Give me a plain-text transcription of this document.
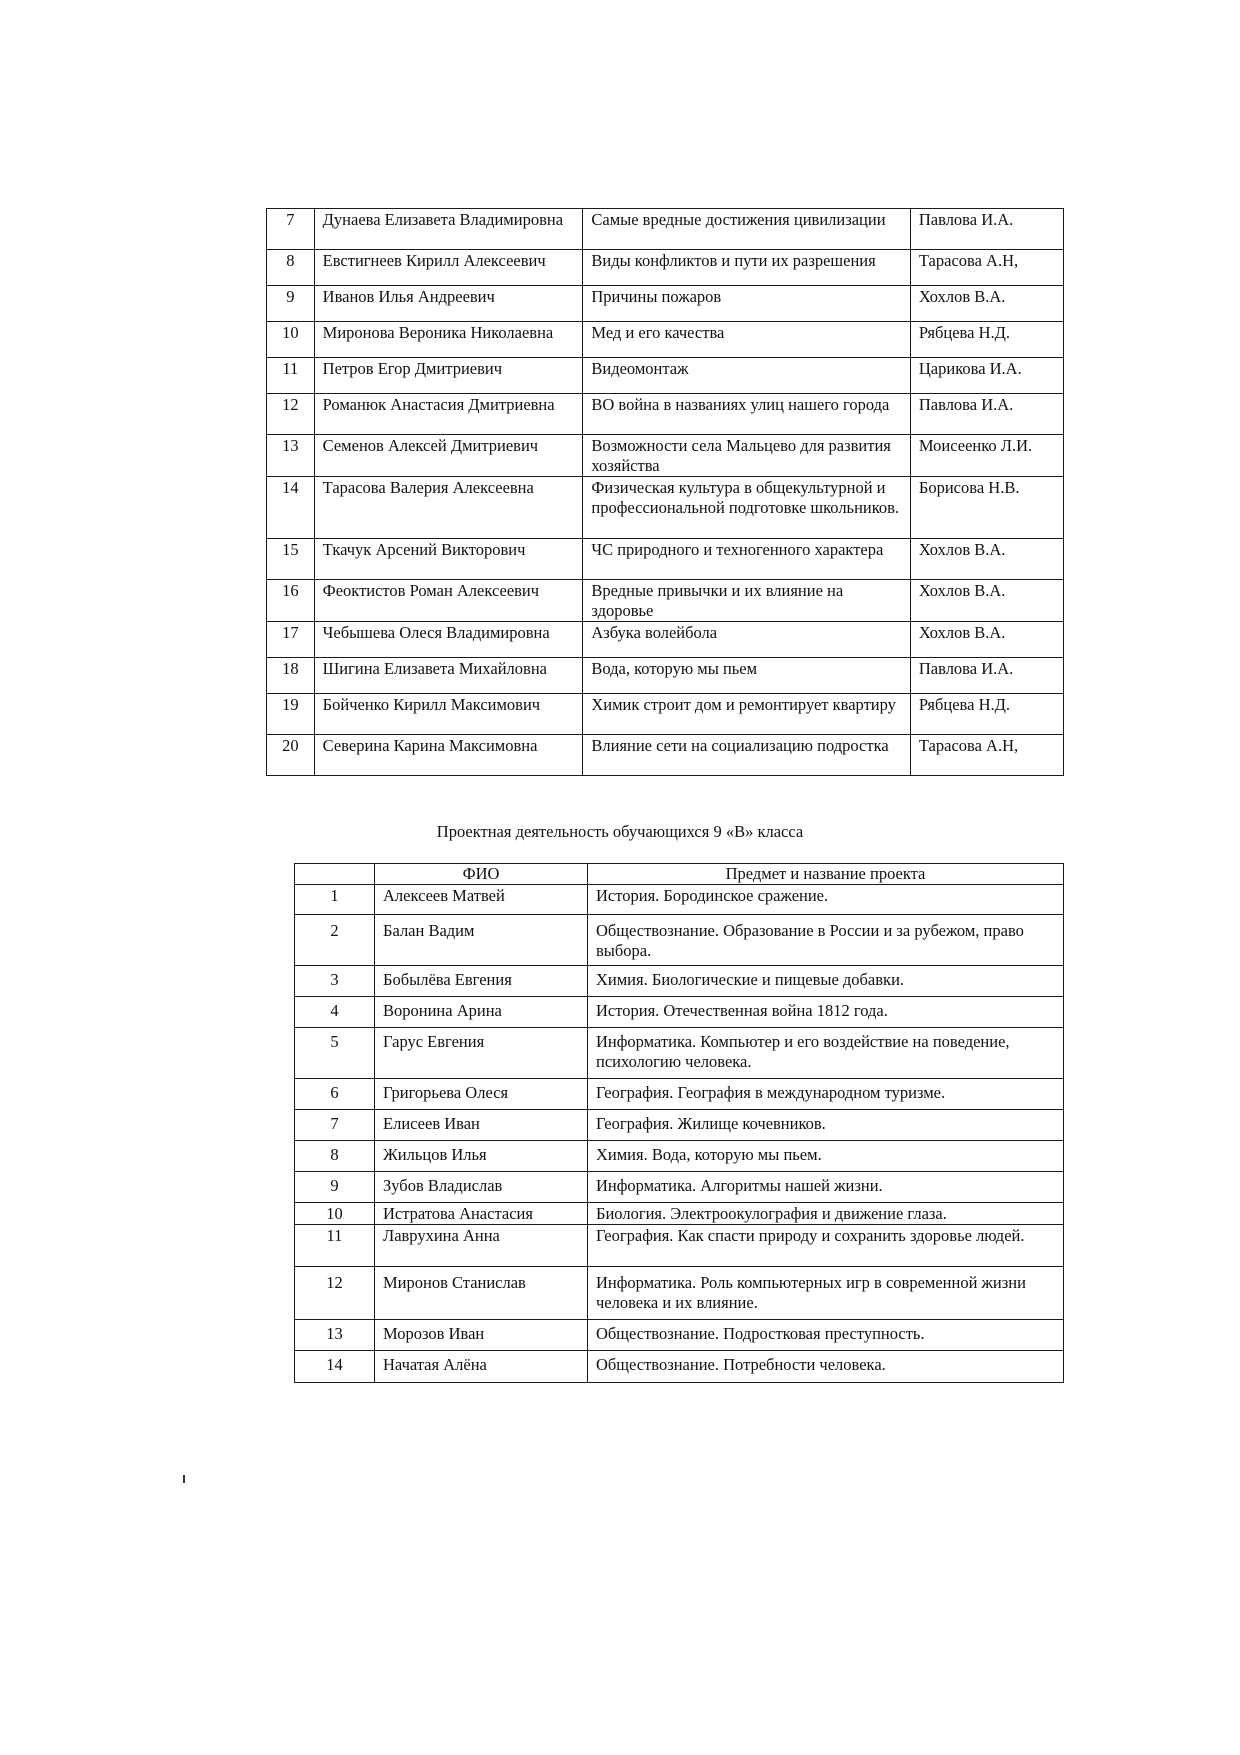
7	Дунаева Елизавета Владимировна	Самые вредные достижения цивилизации	Павлова И.А.
8	Евстигнеев Кирилл Алексеевич	Виды конфликтов и пути их разрешения	Тарасова А.Н,
9	Иванов Илья Андреевич	Причины пожаров	Хохлов В.А.
10	Миронова Вероника Николаевна	Мед и его качества	Рябцева Н.Д.
11	Петров Егор Дмитриевич	Видеомонтаж	Царикова И.А.
12	Романюк Анастасия Дмитриевна	ВО война в названиях улиц нашего города	Павлова И.А.
13	Семенов Алексей Дмитриевич	Возможности села Мальцево для развития хозяйства	Моисеенко Л.И.
14	Тарасова Валерия Алексеевна	Физическая культура в общекультурной и профессиональной подготовке школьников.	Борисова Н.В.
15	Ткачук Арсений Викторович	ЧС природного и техногенного характера	Хохлов В.А.
16	Феоктистов Роман Алексеевич	Вредные привычки и их влияние на здоровье	Хохлов В.А.
17	Чебышева Олеся Владимировна	Азбука волейбола	Хохлов В.А.
18	Шигина Елизавета Михайловна	Вода, которую мы пьем	Павлова И.А.
19	Бойченко Кирилл Максимович	Химик строит дом и ремонтирует квартиру	Рябцева Н.Д.
20	Северина Карина Максимовна	Влияние сети на социализацию подростка	Тарасова А.Н,
Проектная деятельность обучающихся 9 «В» класса
	ФИО	Предмет и название проекта
1	Алексеев Матвей	История. Бородинское сражение.
2	Балан Вадим	Обществознание. Образование в России и за рубежом, право выбора.
3	Бобылёва Евгения	Химия. Биологические и пищевые добавки.
4	Воронина Арина	История. Отечественная война 1812 года.
5	Гарус Евгения	Информатика. Компьютер и его воздействие на поведение, психологию человека.
6	Григорьева Олеся	География. География в международном туризме.
7	Елисеев Иван	География. Жилище кочевников.
8	Жильцов Илья	Химия. Вода, которую мы пьем.
9	Зубов Владислав	Информатика. Алгоритмы нашей жизни.
10	Истратова Анастасия	Биология. Электроокулография и движение глаза.
11	Лаврухина Анна	География. Как спасти природу и сохранить здоровье людей.
12	Миронов Станислав	Информатика. Роль компьютерных игр в современной жизни человека и их влияние.
13	Морозов Иван	Обществознание. Подростковая преступность.
14	Начатая Алёна	Обществознание. Потребности человека.
